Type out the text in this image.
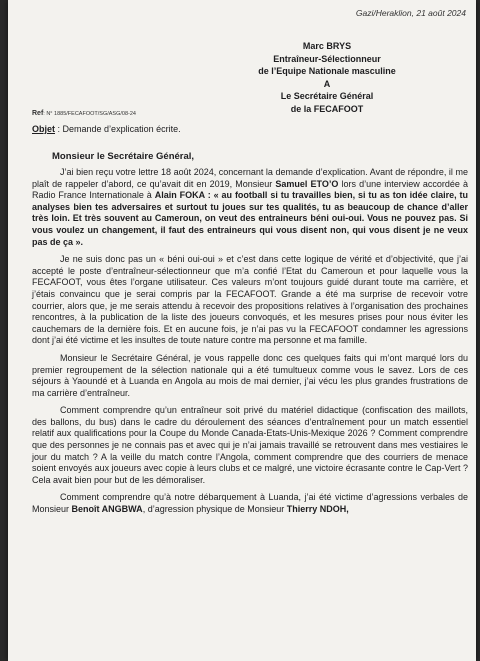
Gazi/Heraklion, 21 août 2024
Marc BRYS
Entraîneur-Sélectionneur
de l’Equipe Nationale masculine
A
Le Secrétaire Général
de la FECAFOOT
Ref: N° 1885/FECAFOOT/SG/ASG/08-24
Objet : Demande d’explication écrite.
Monsieur le Secrétaire Général,

J’ai bien reçu votre lettre 18 août 2024, concernant la demande d’explication. Avant de répondre, il me plaît de rappeler d’abord, ce qu’avait dit en 2019, Monsieur Samuel ETO’O lors d’une interview accordée à Radio France Internationale à Alain FOKA : « au football si tu travailles bien, si tu as ton idée claire, tu analyses bien tes adversaires et surtout tu joues sur tes qualités, tu as beaucoup de chance d’aller très loin. Et très souvent au Cameroun, on veut des entraineurs béni oui-oui. Vous ne pouvez pas. Si vous voulez un changement, il faut des entraineurs qui vous disent non, qui vous disent je ne veux pas de ça ».

Je ne suis donc pas un « béni oui-oui » et c’est dans cette logique de vérité et d’objectivité, que j’ai accepté le poste d’entraîneur-sélectionneur que m’a confié l’Etat du Cameroun et pour laquelle vous la FECAFOOT, vous êtes l’organe utilisateur. Ces valeurs m’ont toujours guidé durant toute ma carrière, et j’étais convaincu que je serai compris par la FECAFOOT. Grande a été ma surprise de recevoir votre courrier, alors que, je me serais attendu à recevoir des propositions relatives à l’organisation des prochaines rencontres, à la publication de la liste des joueurs convoqués, et les mesures prises pour nous éviter les cauchemars de la dernière fois. Et en aucune fois, je n’ai pas vu la FECAFOOT condamner les agressions dont j’ai été victime et les insultes de toute nature contre ma personne et ma famille.

Monsieur le Secrétaire Général, je vous rappelle donc ces quelques faits qui m’ont marqué lors du premier regroupement de la sélection nationale qui a été tumultueux comme vous le savez. Lors de ces séjours à Yaoundé et à Luanda en Angola au mois de mai dernier, j’ai vécu les plus grandes frustrations de ma carrière d’entraîneur.

Comment comprendre qu’un entraîneur soit privé du matériel didactique (confiscation des maillots, des ballons, du bus) dans le cadre du déroulement des séances d’entraînement pour un match essentiel relatif aux qualifications pour la Coupe du Monde Canada-Etats-Unis-Mexique 2026 ? Comment comprendre que des personnes je ne connais pas et avec qui je n’ai jamais travaillé se retrouvent dans mes vestiaires le jour du match ? A la veille du match contre l’Angola, comment comprendre que des courriers de menace soient envoyés aux joueurs avec copie à leurs clubs et ce malgré, une victoire écrasante contre le Cap-Vert ? Cela avait bien pour but de les démoraliser.

Comment comprendre qu’à notre débarquement à Luanda, j’ai été victime d’agressions verbales de Monsieur Benoît ANGBWA, d’agression physique de Monsieur Thierry NDOH,
